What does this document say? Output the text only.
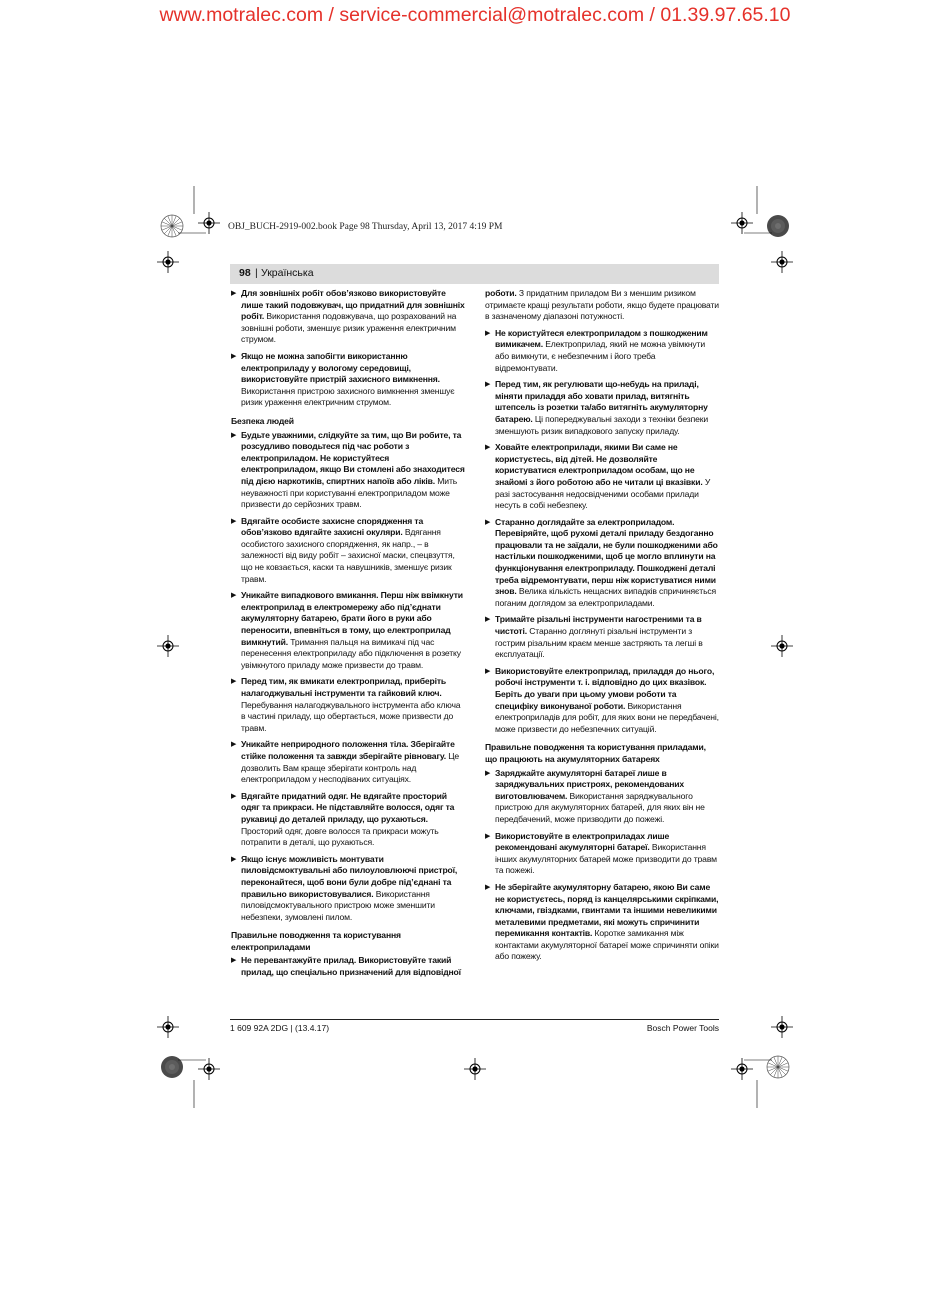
www.motralec.com / service-commercial@motralec.com / 01.39.97.65.10
OBJ_BUCH-2919-002.book Page 98 Thursday, April 13, 2017 4:19 PM
98 | Українська
▶ Для зовнішніх робіт обов’язково використовуйте лише такий подовжувач, що придатний для зовнішніх робіт. Використання подовжувача, що розрахований на зовнішні роботи, зменшує ризик ураження електричним струмом.
▶ Якщо не можна запобігти використанню електроприладу у вологому середовищі, використовуйте пристрій захисного вимкнення. Використання пристрою захисного вимкнення зменшує ризик ураження електричним струмом.
Безпека людей
▶ Будьте уважними, слідкуйте за тим, що Ви робите, та розсудливо поводьтеся під час роботи з електроприладом. Не користуйтеся електроприладом, якщо Ви стомлені або знаходитеся під дією наркотиків, спиртних напоїв або ліків. Мить неуважності при користуванні електроприладом може призвести до серйозних травм.
▶ Вдягайте особисте захисне спорядження та обов’язково вдягайте захисні окуляри. Вдягання особистого захисного спорядження, як напр., – в залежності від виду робіт – захисної маски, спецвзуття, що не ковзається, каски та навушників, зменшує ризик травм.
▶ Уникайте випадкового вмикання. Перш ніж ввімкнути електроприлад в електромережу або під’єднати акумуляторну батарею, брати його в руки або переносити, впевніться в тому, що електроприлад вимкнутий. Тримання пальця на вимикачі під час перенесення електроприладу або підключення в розетку увімкнутого приладу може призвести до травм.
▶ Перед тим, як вмикати електроприлад, приберіть налагоджувальні інструменти та гайковий ключ. Перебування налагоджувального інструмента або ключа в частині приладу, що обертається, може призвести до травм.
▶ Уникайте неприродного положення тіла. Зберігайте стійке положення та завжди зберігайте рівновагу. Це дозволить Вам краще зберігати контроль над електроприладом у несподіваних ситуаціях.
▶ Вдягайте придатний одяг. Не вдягайте просторий одяг та прикраси. Не підставляйте волосся, одяг та рукавиці до деталей приладу, що рухаються. Просторий одяг, довге волосся та прикраси можуть потрапити в деталі, що рухаються.
▶ Якщо існує можливість монтувати пиловідсмоктувальні або пилоуловлюючі пристрої, переконайтеся, щоб вони були добре під’єднані та правильно використовувалися. Використання пиловідсмоктувального пристрою може зменшити небезпеки, зумовлені пилом.
Правильне поводження та користування електроприладами
▶ Не перевантажуйте прилад. Використовуйте такий прилад, що спеціально призначений для відповідної
роботи. З придатним приладом Ви з меншим ризиком отримаєте кращі результати роботи, якщо будете працювати в зазначеному діапазоні потужності.
▶ Не користуйтеся електроприладом з пошкодженим вимикачем. Електроприлад, який не можна увімкнути або вимкнути, є небезпечним і його треба відремонтувати.
▶ Перед тим, як регулювати що-небудь на приладі, міняти приладдя або ховати прилад, витягніть штепсель із розетки та/або витягніть акумуляторну батарею. Ці попереджувальні заходи з техніки безпеки зменшують ризик випадкового запуску приладу.
▶ Ховайте електроприлади, якими Ви саме не користуєтесь, від дітей. Не дозволяйте користуватися електроприладом особам, що не знайомі з його роботою або не читали ці вказівки. У разі застосування недосвідченими особами прилади несуть в собі небезпеку.
▶ Старанно доглядайте за електроприладом. Перевіряйте, щоб рухомі деталі приладу бездоганно працювали та не заїдали, не були пошкодженими або настільки пошкодженими, щоб це могло вплинути на функціонування електроприладу. Пошкоджені деталі треба відремонтувати, перш ніж користуватися ними знов. Велика кількість нещасних випадків спричиняється поганим доглядом за електроприладами.
▶ Тримайте різальні інструменти нагостреними та в чистоті. Старанно доглянуті різальні інструменти з гострим різальним краєм менше застряють та легші в експлуатації.
▶ Використовуйте електроприлад, приладдя до нього, робочі інструменти т. і. відповідно до цих вказівок. Беріть до уваги при цьому умови роботи та специфіку виконуваної роботи. Використання електроприладів для робіт, для яких вони не передбачені, може призвести до небезпечних ситуацій.
Правильне поводження та користування приладами, що працюють на акумуляторних батареях
▶ Заряджайте акумуляторні батареї лише в заряджувальних пристроях, рекомендованих виготовлювачем. Використання заряджувального пристрою для акумуляторних батарей, для яких він не передбачений, може призводити до пожежі.
▶ Використовуйте в електроприладах лише рекомендовані акумуляторні батареї. Використання інших акумуляторних батарей може призводити до травм та пожежі.
▶ Не зберігайте акумуляторну батарею, якою Ви саме не користуєтесь, поряд із канцелярськими скріпками, ключами, гвіздками, гвинтами та іншими невеликими металевими предметами, які можуть спричинити перемикання контактів. Коротке замикання між контактами акумуляторної батареї може спричиняти опіки або пожежу.
1 609 92A 2DG | (13.4.17)	Bosch Power Tools
